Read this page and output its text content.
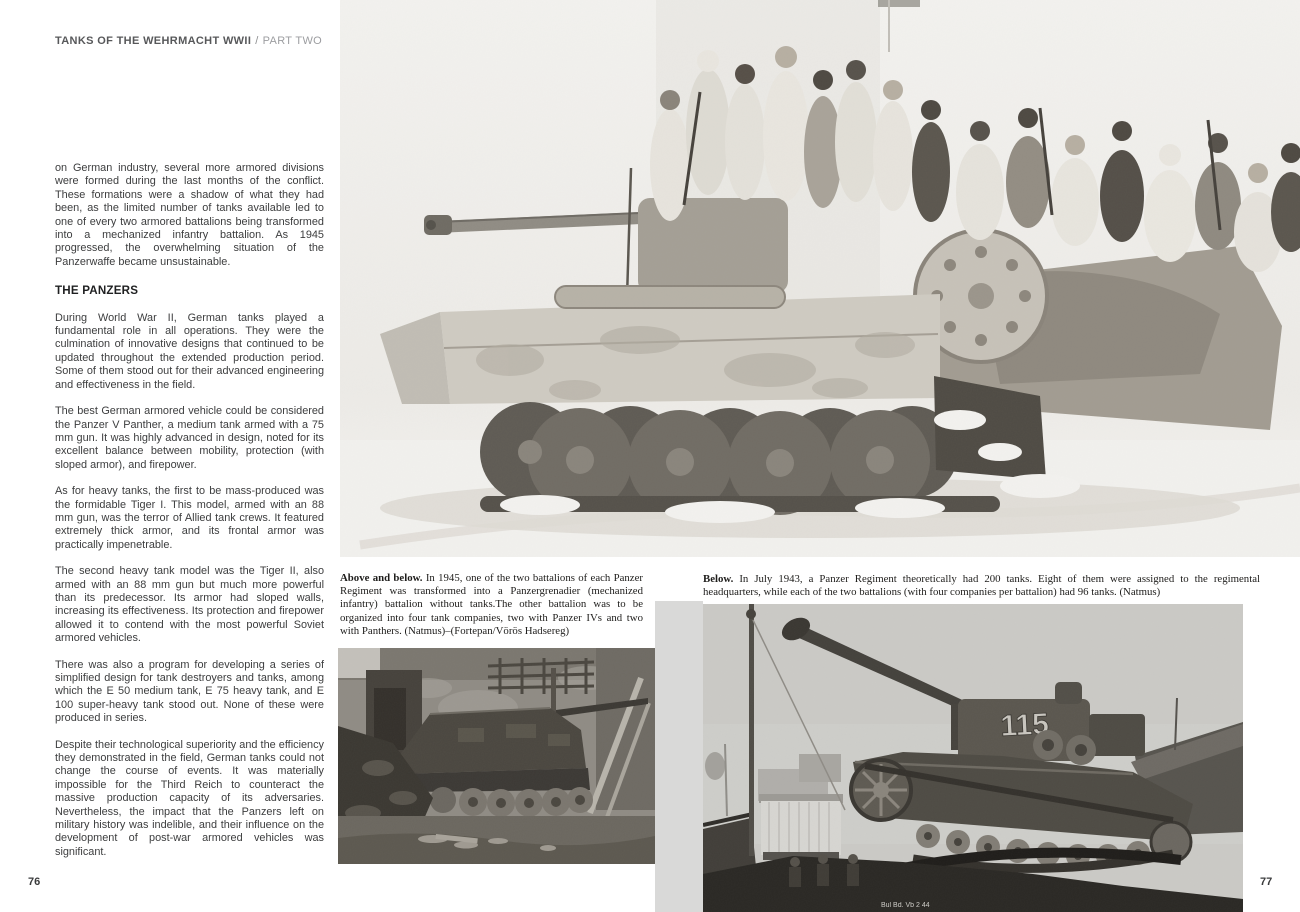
TANKS OF THE WEHRMACHT WWII / PART TWO

on German industry, several more armored divisions were formed during the last months of the conflict. These formations were a shadow of what they had been, as the limited number of tanks available led to one of every two armored battalions being transformed into a mechanized infantry battalion. As 1945 progressed, the overwhelming situation of the Panzerwaffe became unsustainable.

THE PANZERS

During World War II, German tanks played a fundamental role in all operations. They were the culmination of innovative designs that continued to be updated throughout the extended production period. Some of them stood out for their advanced engineering and effectiveness in the field.

The best German armored vehicle could be considered the Panzer V Panther, a medium tank armed with a 75 mm gun. It was highly advanced in design, noted for its excellent balance between mobility, protection (with sloped armor), and firepower.

As for heavy tanks, the first to be mass-produced was the formidable Tiger I. This model, armed with an 88 mm gun, was the terror of Allied tank crews. It featured extremely thick armor, and its frontal armor was practically impenetrable.

The second heavy tank model was the Tiger II, also armed with an 88 mm gun but much more powerful than its predecessor. Its armor had sloped walls, increasing its effectiveness. Its protection and firepower allowed it to contend with the most powerful Soviet armored vehicles.

There was also a program for developing a series of simplified design for tank destroyers and tanks, among which the E 50 medium tank, E 75 heavy tank, and E 100 super-heavy tank stood out. None of these were produced in series.

Despite their technological superiority and the efficiency they demonstrated in the field, German tanks could not change the course of events. It was materially impossible for the Third Reich to counteract the massive production capacity of its adversaries. Nevertheless, the impact that the Panzers left on military history was indelible, and their influence on the development of post-war armored vehicles was significant.

Above and below. In 1945, one of the two battalions of each Panzer Regiment was transformed into a Panzergrenadier (mechanized infantry) battalion without tanks.The other battalion was to be organized into four tank companies, two with Panzer IVs and two with Panthers. (Natmus)–(Fortepan/Vörös Hadsereg)

Below. In July 1943, a Panzer Regiment theoretically had 200 tanks. Eight of them were assigned to the regimental headquarters, while each of the two battalions (with four companies per battalion) had 96 tanks. (Natmus)

76	77
